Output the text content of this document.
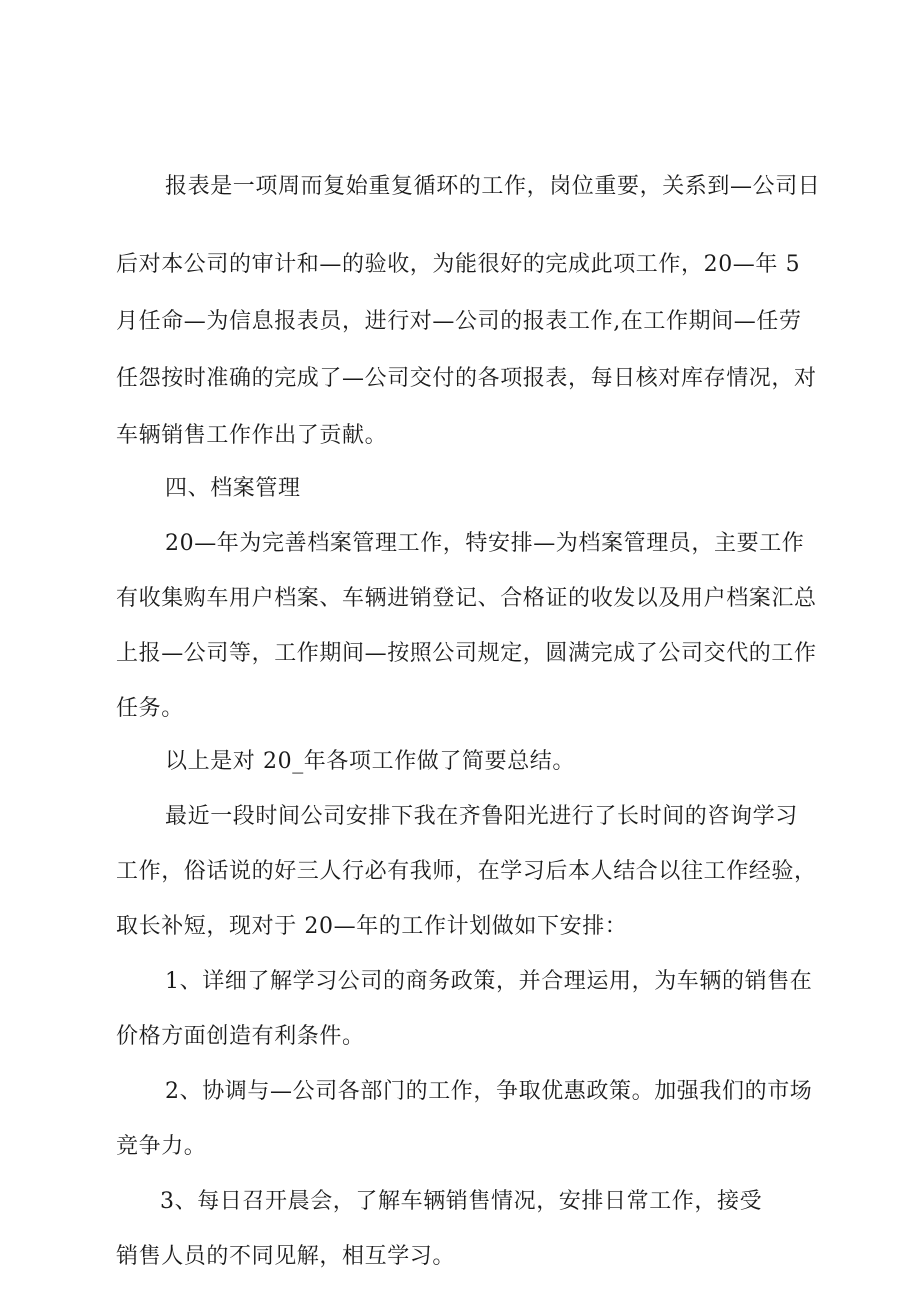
报表是一项周而复始重复循环的工作，岗位重要，关系到—公司日

后对本公司的审计和—的验收，为能很好的完成此项工作，20—年 5

月任命—为信息报表员，进行对—公司的报表工作,在工作期间—任劳

任怨按时准确的完成了—公司交付的各项报表，每日核对库存情况，对

车辆销售工作作出了贡献。

四、档案管理

20—年为完善档案管理工作，特安排—为档案管理员，主要工作

有收集购车用户档案、车辆进销登记、合格证的收发以及用户档案汇总

上报—公司等，工作期间—按照公司规定，圆满完成了公司交代的工作

任务。

以上是对 20_年各项工作做了简要总结。

最近一段时间公司安排下我在齐鲁阳光进行了长时间的咨询学习

工作，俗话说的好三人行必有我师，在学习后本人结合以往工作经验，

取长补短，现对于 20—年的工作计划做如下安排：

1、详细了解学习公司的商务政策，并合理运用，为车辆的销售在

价格方面创造有利条件。

2、协调与—公司各部门的工作，争取优惠政策。加强我们的市场

竞争力。

3、每日召开晨会，了解车辆销售情况，安排日常工作，接受

销售人员的不同见解，相互学习。
